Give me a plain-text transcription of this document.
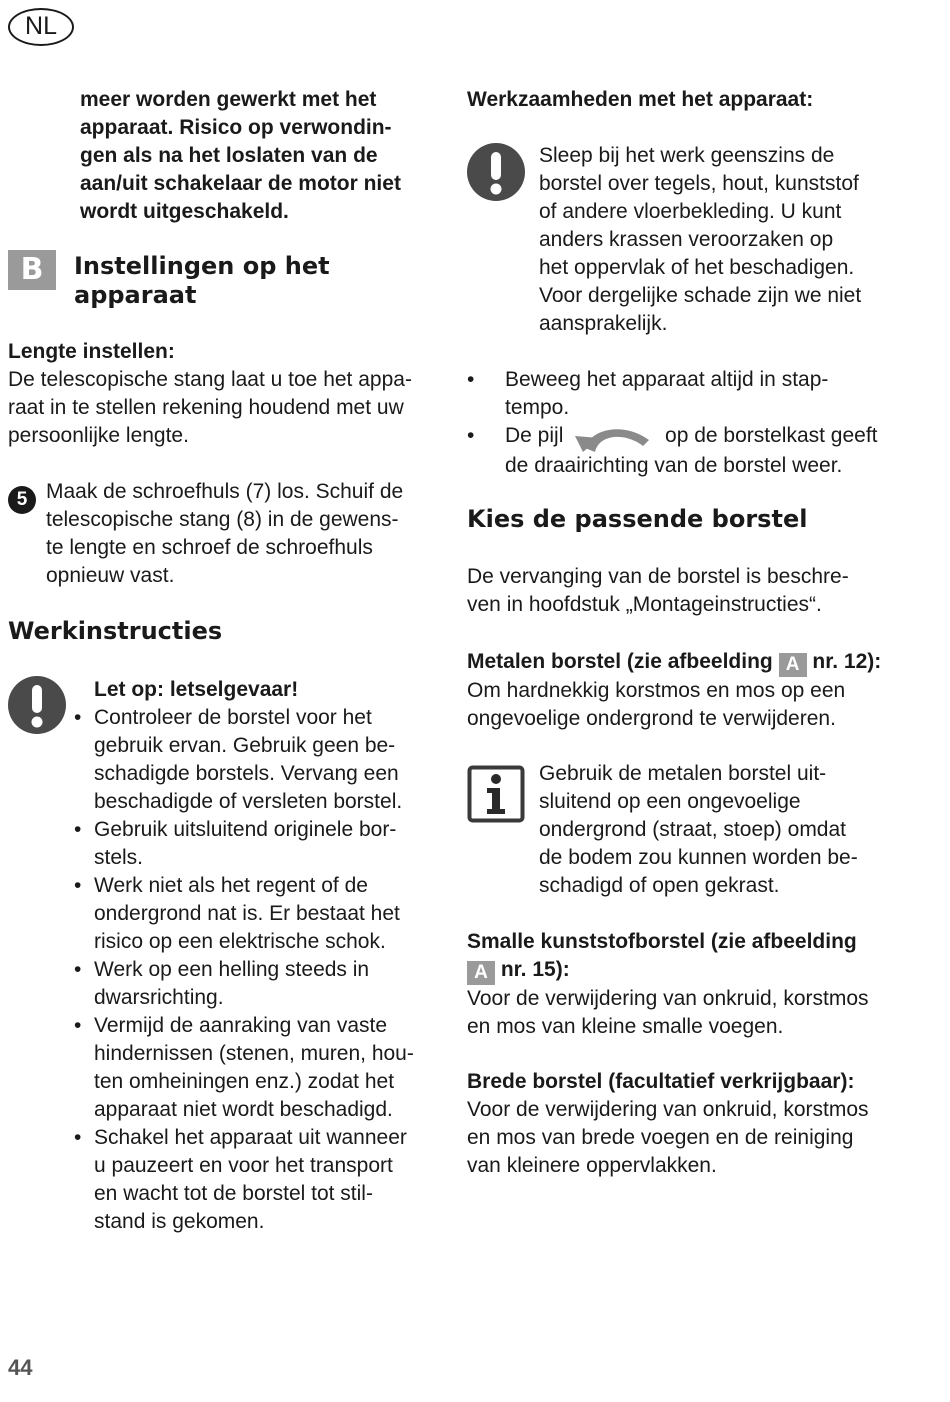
NL
meer worden gewerkt met het
apparaat. Risico op verwondin-
gen als na het loslaten van de
aan/uit schakelaar de motor niet
wordt uitgeschakeld.
B	Instellingen op het
apparaat
Lengte instellen:
De telescopische stang laat u toe het appa-
raat in te stellen rekening houdend met uw
persoonlijke lengte.
5 Maak de schroefhuls (7) los. Schuif de
telescopische stang (8) in de gewens-
te lengte en schroef de schroefhuls
opnieuw vast.
Werkinstructies
Let op: letselgevaar!
• Controleer de borstel voor het
gebruik ervan. Gebruik geen be-
schadigde borstels. Vervang een
beschadigde of versleten borstel.
• Gebruik uitsluitend originele bor-
stels.
• Werk niet als het regent of de
ondergrond nat is. Er bestaat het
risico op een elektrische schok.
• Werk op een helling steeds in
dwarsrichting.
• Vermijd de aanraking van vaste
hindernissen (stenen, muren, hou-
ten omheiningen enz.) zodat het
apparaat niet wordt beschadigd.
• Schakel het apparaat uit wanneer
u pauzeert en voor het transport
en wacht tot de borstel tot stil-
stand is gekomen.
Werkzaamheden met het apparaat:
Sleep bij het werk geenszins de
borstel over tegels, hout, kunststof
of andere vloerbekleding. U kunt
anders krassen veroorzaken op
het oppervlak of het beschadigen.
Voor dergelijke schade zijn we niet
aansprakelijk.
• Beweeg het apparaat altijd in stap-
tempo.
• De pijl	op de borstelkast geeft
de draairichting van de borstel weer.
Kies de passende borstel
De vervanging van de borstel is beschre-
ven in hoofdstuk „Montageinstructies“.
Metalen borstel (zie afbeelding A nr. 12):
Om hardnekkig korstmos en mos op een
ongevoelige ondergrond te verwijderen.
Gebruik de metalen borstel uit-
sluitend op een ongevoelige
ondergrond (straat, stoep) omdat
de bodem zou kunnen worden be-
schadigd of open gekrast.
Smalle kunststofborstel (zie afbeelding
A nr. 15):
Voor de verwijdering van onkruid, korstmos
en mos van kleine smalle voegen.
Brede borstel (facultatief verkrijgbaar):
Voor de verwijdering van onkruid, korstmos
en mos van brede voegen en de reiniging
van kleinere oppervlakken.
44
